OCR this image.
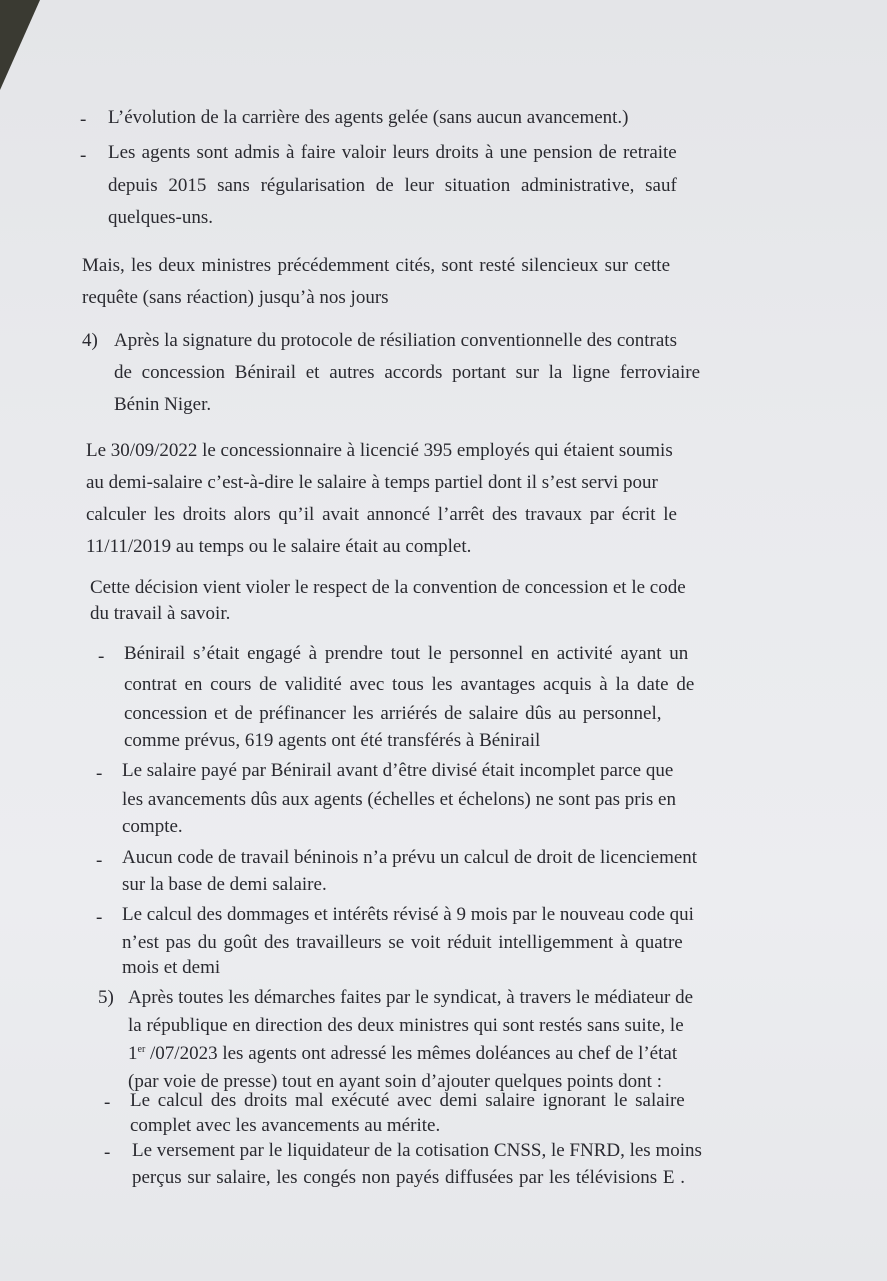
- L’évolution de la carrière des agents gelée (sans aucun avancement.)
- Les agents sont admis à faire valoir leurs droits à une pension de retraite
depuis 2015 sans régularisation de leur situation administrative, sauf
quelques-uns.
Mais, les deux ministres précédemment cités, sont resté silencieux sur cette
requête (sans réaction) jusqu’à nos jours
4) Après la signature du protocole de résiliation conventionnelle des contrats
de concession Bénirail et autres accords portant sur la ligne ferroviaire
Bénin Niger.
Le 30/09/2022 le concessionnaire à licencié 395 employés qui étaient soumis
au demi-salaire c’est-à-dire le salaire à temps partiel dont il s’est servi pour
calculer les droits alors qu’il avait annoncé l’arrêt des travaux par écrit le
11/11/2019 au temps ou le salaire était au complet.
Cette décision vient violer le respect de la convention de concession et le code
du travail à savoir.
- Bénirail s’était engagé à prendre tout le personnel en activité ayant un
contrat en cours de validité avec tous les avantages acquis à la date de
concession et de préfinancer les arriérés de salaire dûs au personnel,
comme prévus, 619 agents ont été transférés à Bénirail
- Le salaire payé par Bénirail avant d’être divisé était incomplet parce que
les avancements dûs aux agents (échelles et échelons) ne sont pas pris en
compte.
- Aucun code de travail béninois n’a prévu un calcul de droit de licenciement
sur la base de demi salaire.
- Le calcul des dommages et intérêts révisé à 9 mois par le nouveau code qui
n’est pas du goût des travailleurs se voit réduit intelligemment à quatre
mois et demi
5) Après toutes les démarches faites par le syndicat, à travers le médiateur de
la république en direction des deux ministres qui sont restés sans suite, le
1er /07/2023 les agents ont adressé les mêmes doléances au chef de l’état
(par voie de presse) tout en ayant soin d’ajouter quelques points dont :
- Le calcul des droits mal exécuté avec demi salaire ignorant le salaire
complet avec les avancements au mérite.
- Le versement par le liquidateur de la cotisation CNSS, le FNRD, les moins
perçus sur salaire, les congés non payés diffusées par les télévisions E .
